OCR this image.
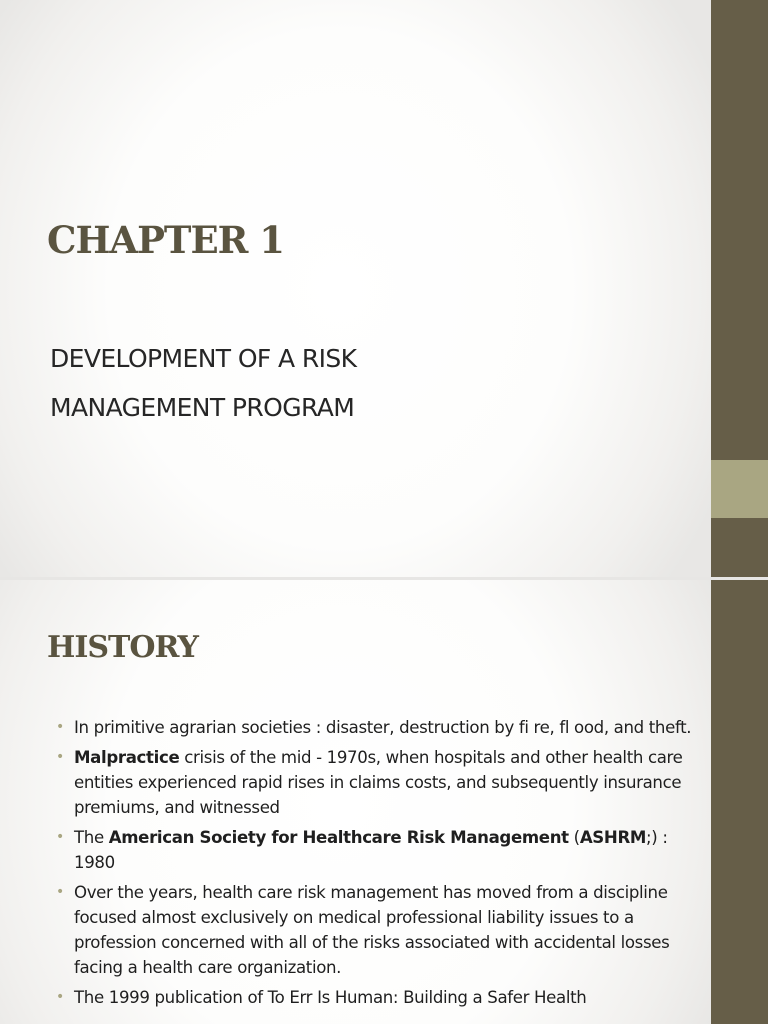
CHAPTER 1
DEVELOPMENT OF A RISK
MANAGEMENT PROGRAM
HISTORY
• In primitive agrarian societies : disaster, destruction by fi re, fl ood, and theft.
• Malpractice crisis of the mid - 1970s, when hospitals and other health care entities experienced rapid rises in claims costs, and subsequently insurance premiums, and witnessed
• The American Society for Healthcare Risk Management (ASHRM;) : 1980
• Over the years, health care risk management has moved from a discipline focused almost exclusively on medical professional liability issues to a profession concerned with all of the risks associated with accidental losses facing a health care organization.
• The 1999 publication of To Err Is Human: Building a Safer Health
